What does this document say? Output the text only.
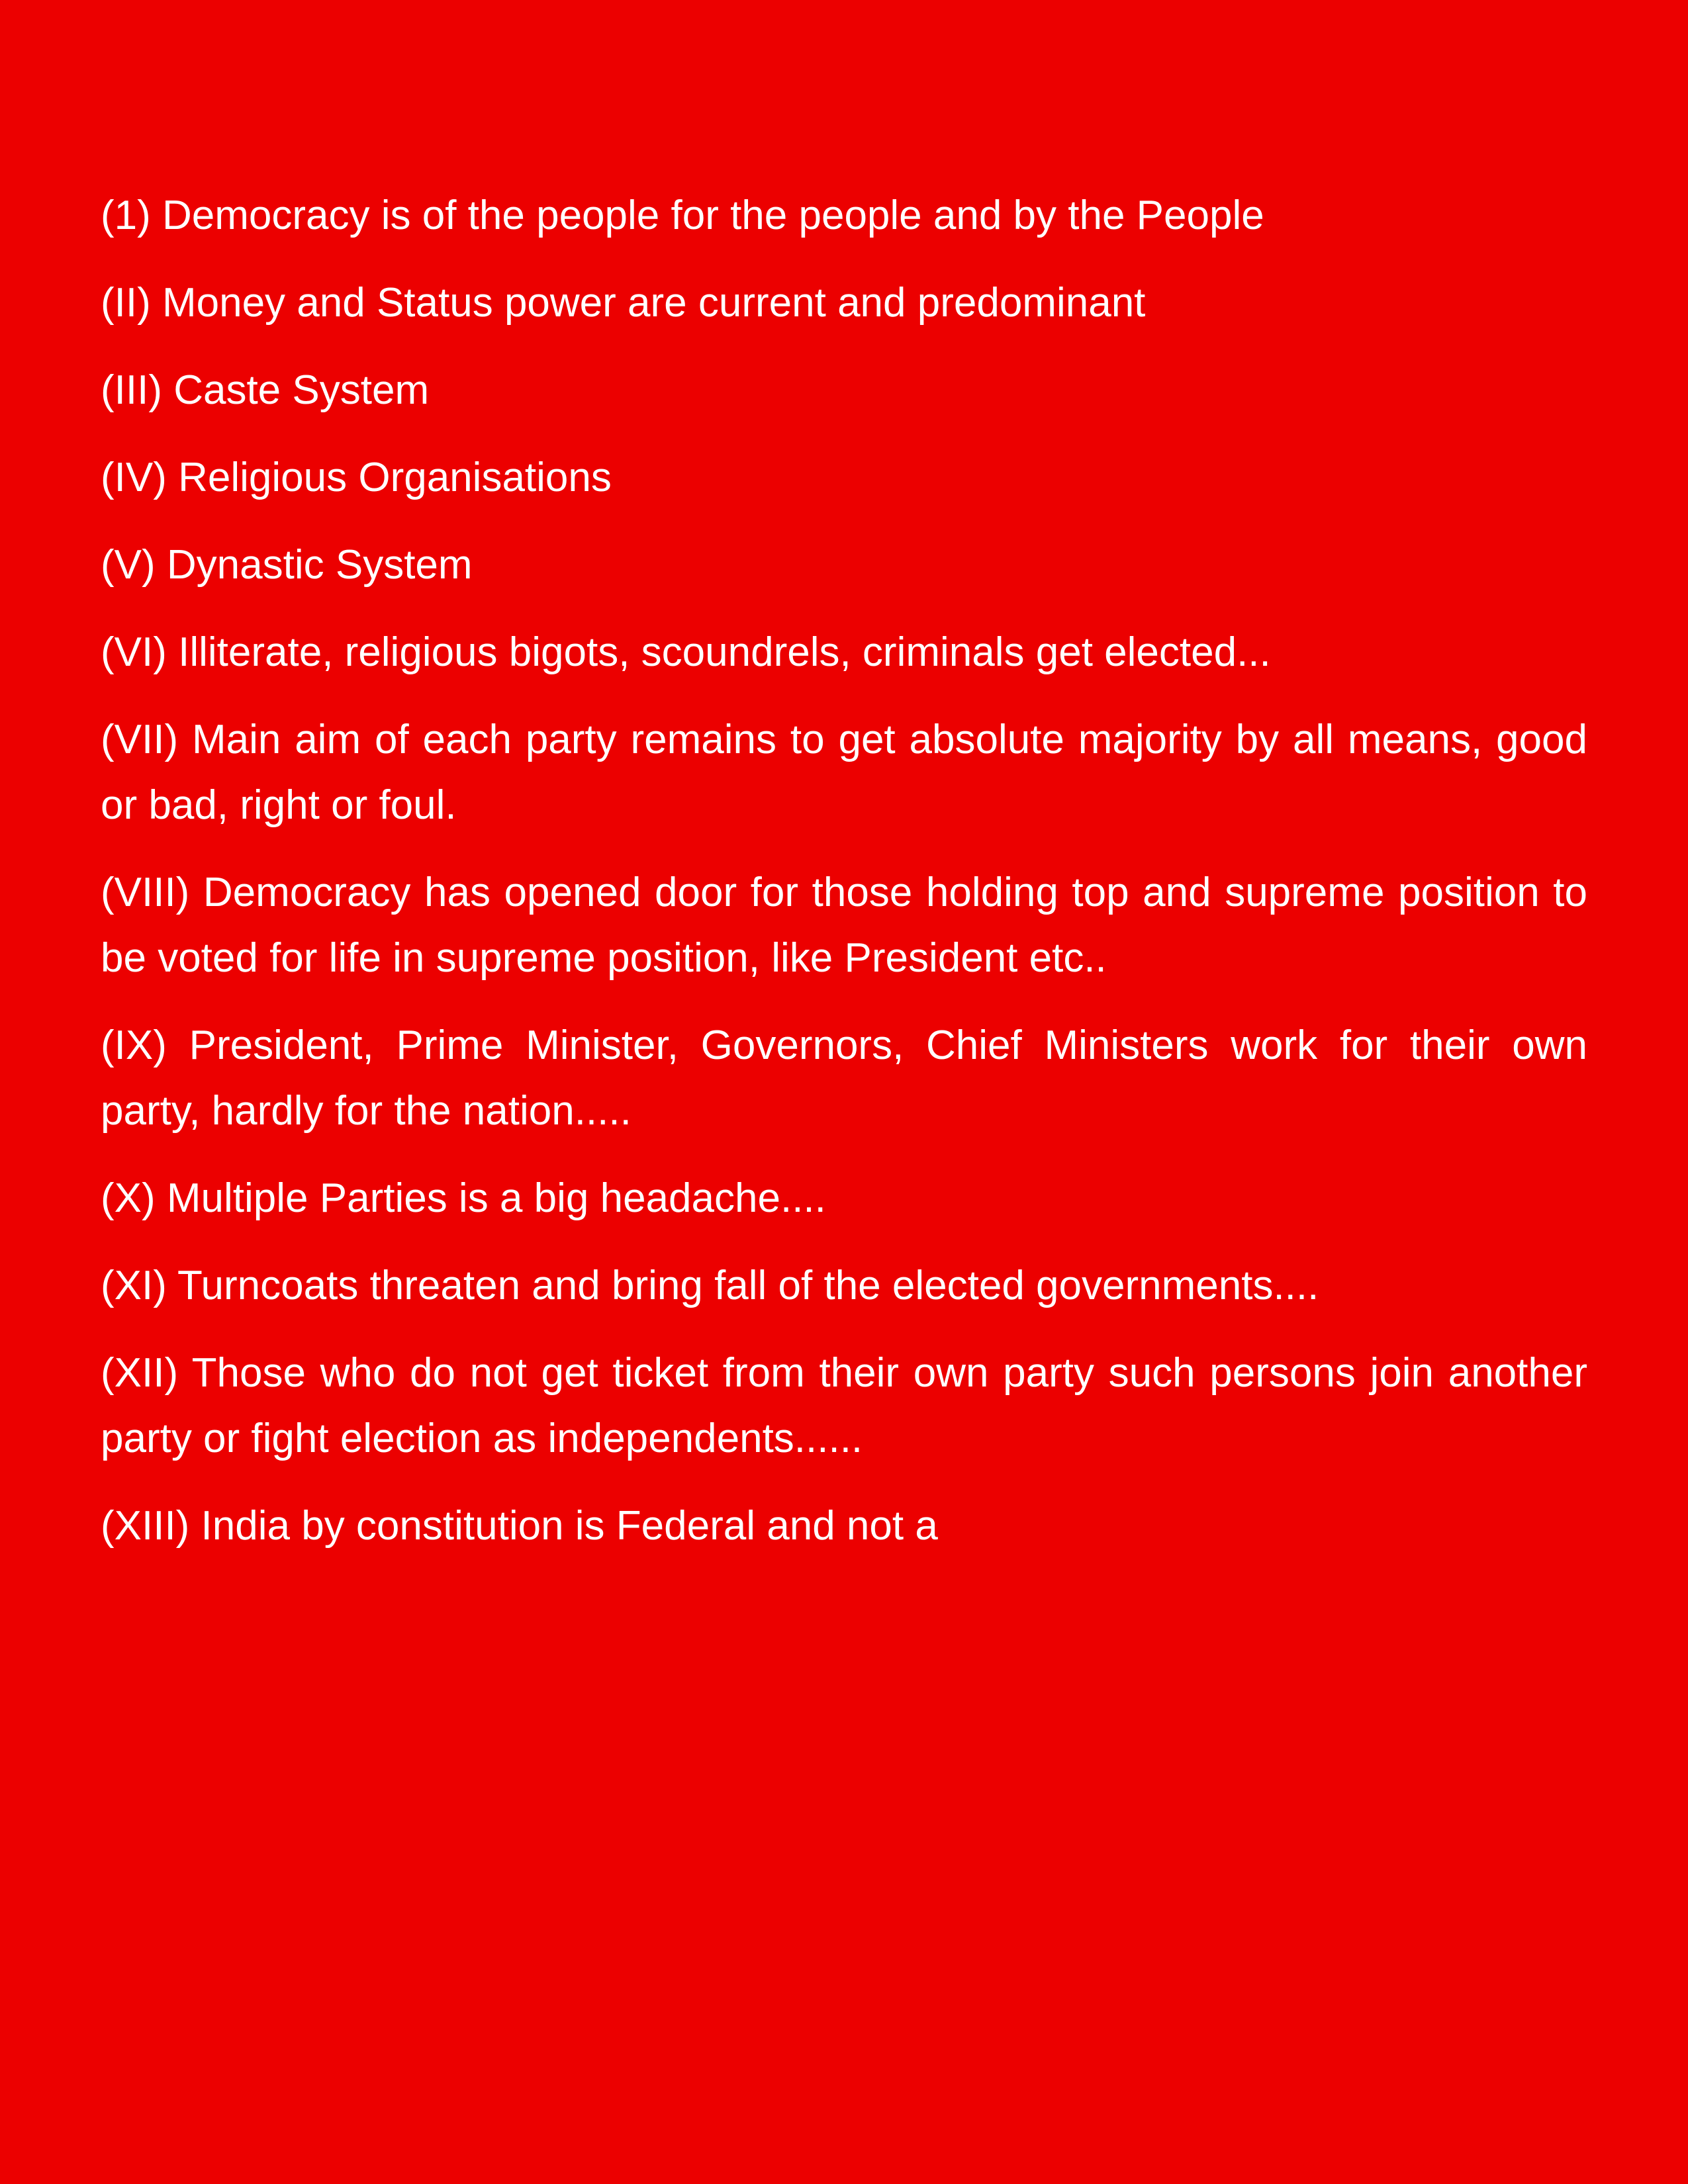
(1) Democracy is of the people for the people and by the People

(II) Money and Status power are current and predominant

(III) Caste System

(IV) Religious Organisations

(V) Dynastic System

(VI) Illiterate, religious bigots, scoundrels, criminals get elected...

(VII) Main aim of each party remains to get absolute majority by all means, good or bad, right or foul.

(VIII) Democracy has opened door for those holding top and supreme position to be voted for life in supreme position, like President etc..

(IX) President, Prime Minister, Governors, Chief Ministers work for their own party, hardly for the nation.....

(X) Multiple Parties is a big headache....

(XI) Turncoats threaten and bring fall of the elected governments....

(XII) Those who do not get ticket from their own party such persons join another party or fight election as independents......

(XIII) India by constitution is Federal and not a
